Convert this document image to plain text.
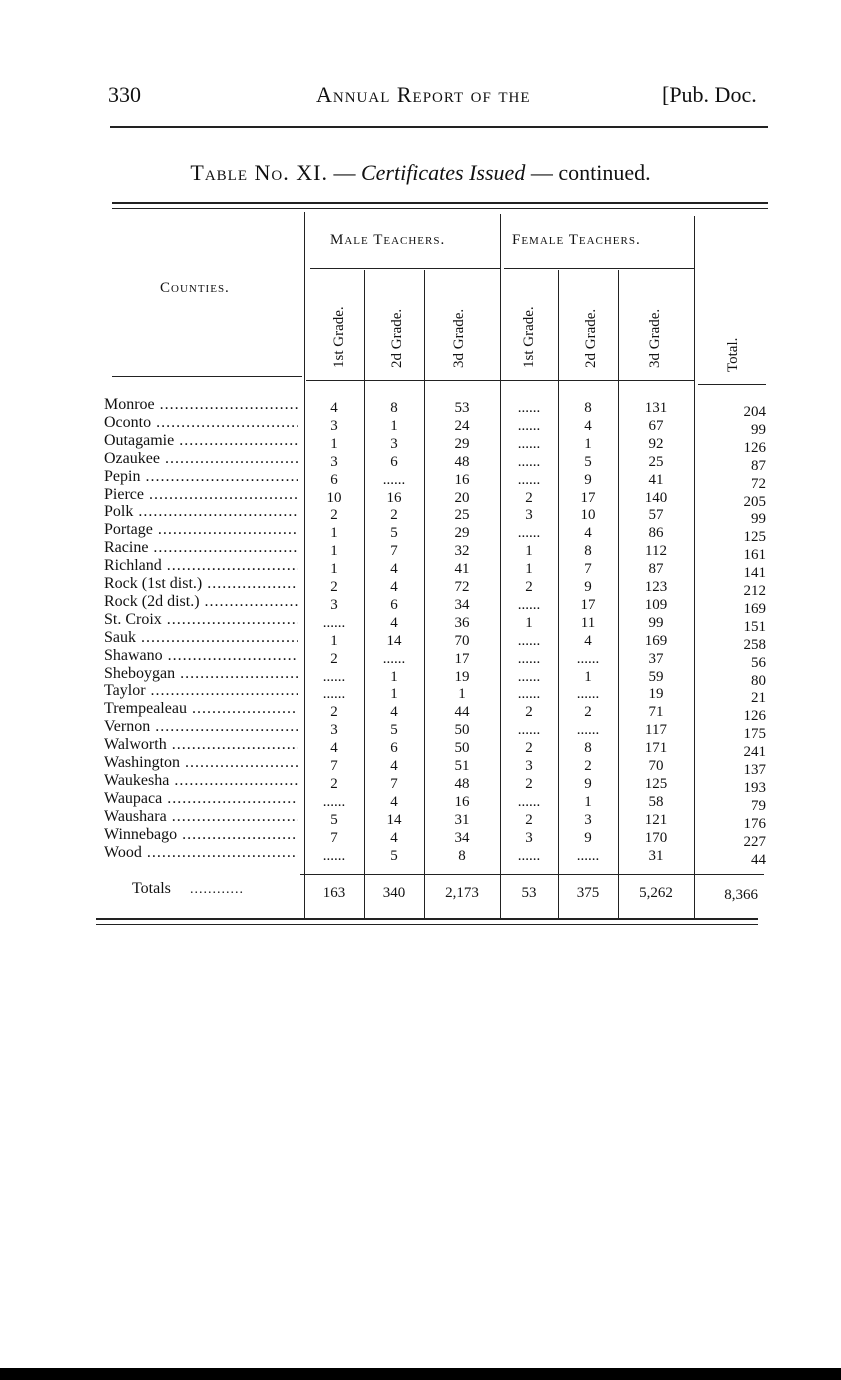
330	Annual Report of the	[Pub. Doc.
Table No. XI. — Certificates Issued — continued.
Counties.
Male Teachers.	Female Teachers.
1st Grade.	2d Grade.	3d Grade.	1st Grade.	2d Grade.	3d Grade.	Total.
Monroe .....	4	8	53	......	8	131	204
Oconto .....	3	1	24	......	4	67	99
Outagamie .....	1	3	29	......	1	92	126
Ozaukee .....	3	6	48	......	5	25	87
Pepin .....	6	......	16	......	9	41	72
Pierce .....	10	16	20	2	17	140	205
Polk .....	2	2	25	3	10	57	99
Portage .....	1	5	29	......	4	86	125
Racine .....	1	7	32	1	8	112	161
Richland .....	1	4	41	1	7	87	141
Rock (1st dist.) .....	2	4	72	2	9	123	212
Rock (2d dist.) .....	3	6	34	......	17	109	169
St. Croix .....	......	4	36	1	11	99	151
Sauk .....	1	14	70	......	4	169	258
Shawano .....	2	......	17	......	......	37	56
Sheboygan .....	......	1	19	......	1	59	80
Taylor .....	......	1	1	......	......	19	21
Trempealeau .....	2	4	44	2	2	71	126
Vernon .....	3	5	50	......	......	117	175
Walworth .....	4	6	50	2	8	171	241
Washington .....	7	4	51	3	2	70	137
Waukesha .....	2	7	48	2	9	125	193
Waupaca .....	......	4	16	......	1	58	79
Waushara .....	5	14	31	2	3	121	176
Winnebago .....	7	4	34	3	9	170	227
Wood .....	......	5	8	......	......	31	44
Totals ............	163	340	2,173	53	375	5,262	8,366
